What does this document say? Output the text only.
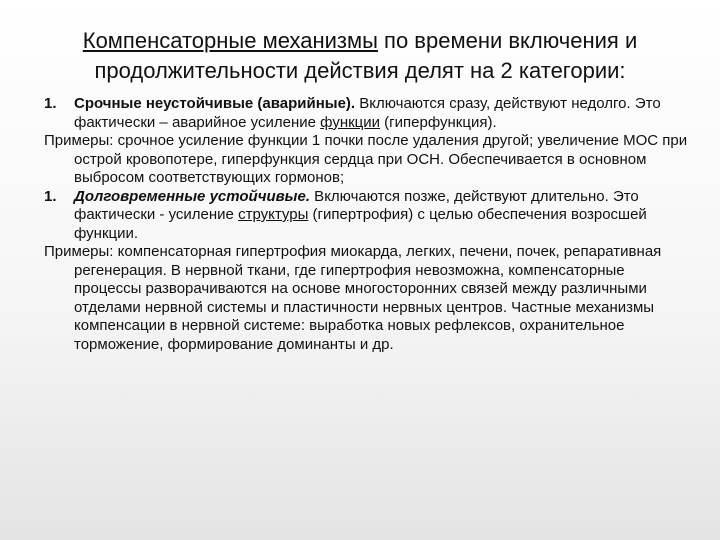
Компенсаторные механизмы по времени включения и
продолжительности действия делят на 2 категории:
1. Срочные неустойчивые (аварийные). Включаются сразу, действуют недолго. Это фактически – аварийное усиление функции (гиперфункция).
Примеры: срочное усиление функции 1 почки после удаления другой; увеличение МОС при острой кровопотере, гиперфункция сердца при ОСН. Обеспечивается в основном выбросом соответствующих гормонов;
1. Долговременные устойчивые. Включаются позже, действуют длительно. Это фактически - усиление структуры (гипертрофия) с целью обеспечения возросшей функции.
Примеры: компенсаторная гипертрофия миокарда, легких, печени, почек, репаративная регенерация. В нервной ткани, где гипертрофия невозможна, компенсаторные процессы разворачиваются на основе многосторонних связей между различными отделами нервной системы и пластичности нервных центров. Частные механизмы компенсации в нервной системе: выработка новых рефлексов, охранительное торможение, формирование доминанты и др.
